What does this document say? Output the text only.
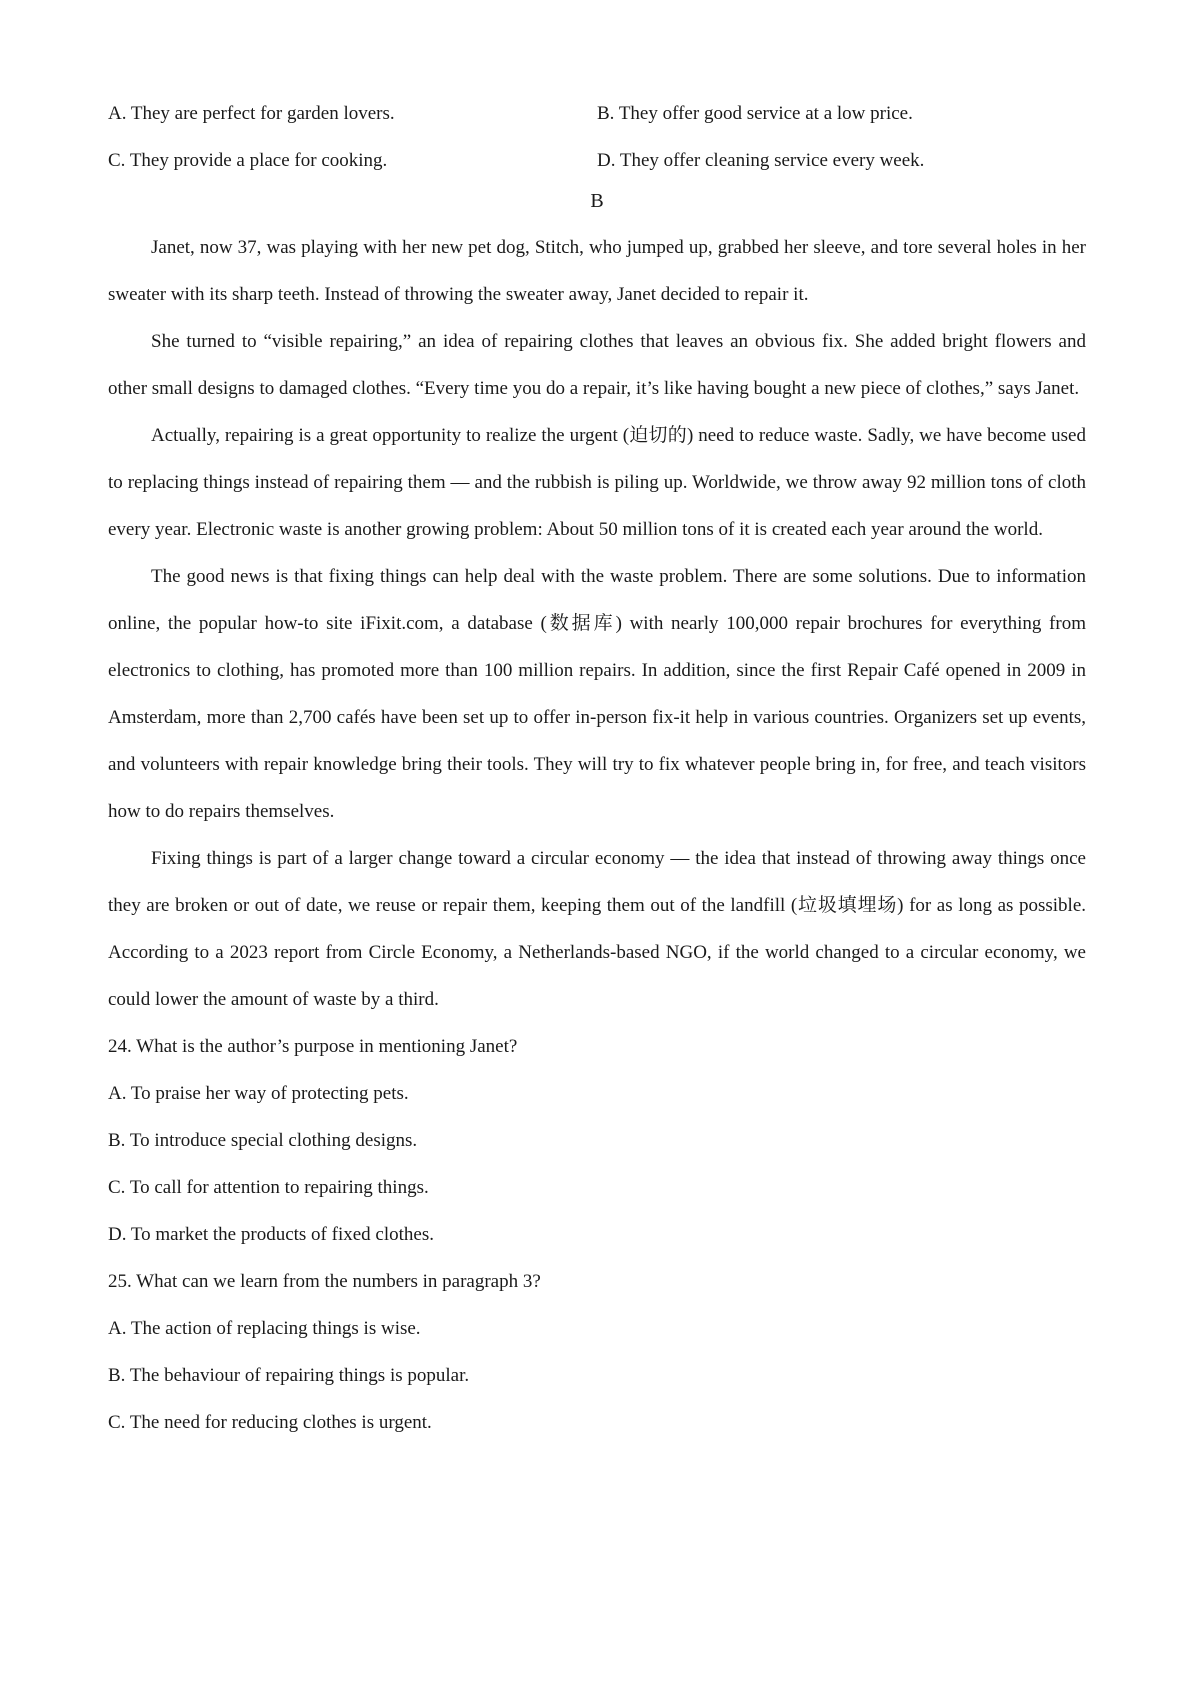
A. They are perfect for garden lovers.	B. They offer good service at a low price.
C. They provide a place for cooking.	D. They offer cleaning service every week.
B

Janet, now 37, was playing with her new pet dog, Stitch, who jumped up, grabbed her sleeve, and tore several holes in her sweater with its sharp teeth. Instead of throwing the sweater away, Janet decided to repair it.

She turned to “visible repairing,” an idea of repairing clothes that leaves an obvious fix. She added bright flowers and other small designs to damaged clothes. “Every time you do a repair, it’s like having bought a new piece of clothes,” says Janet.

Actually, repairing is a great opportunity to realize the urgent (迫切的) need to reduce waste. Sadly, we have become used to replacing things instead of repairing them — and the rubbish is piling up. Worldwide, we throw away 92 million tons of cloth every year. Electronic waste is another growing problem: About 50 million tons of it is created each year around the world.

The good news is that fixing things can help deal with the waste problem. There are some solutions. Due to information online, the popular how-to site iFixit.com, a database (数据库) with nearly 100,000 repair brochures for everything from electronics to clothing, has promoted more than 100 million repairs. In addition, since the first Repair Café opened in 2009 in Amsterdam, more than 2,700 cafés have been set up to offer in-person fix-it help in various countries. Organizers set up events, and volunteers with repair knowledge bring their tools. They will try to fix whatever people bring in, for free, and teach visitors how to do repairs themselves.

Fixing things is part of a larger change toward a circular economy — the idea that instead of throwing away things once they are broken or out of date, we reuse or repair them, keeping them out of the landfill (垃圾填埋场) for as long as possible. According to a 2023 report from Circle Economy, a Netherlands-based NGO, if the world changed to a circular economy, we could lower the amount of waste by a third.

24. What is the author’s purpose in mentioning Janet?

A. To praise her way of protecting pets.

B. To introduce special clothing designs.

C. To call for attention to repairing things.

D. To market the products of fixed clothes.

25. What can we learn from the numbers in paragraph 3?

A. The action of replacing things is wise.

B. The behaviour of repairing things is popular.

C. The need for reducing clothes is urgent.
